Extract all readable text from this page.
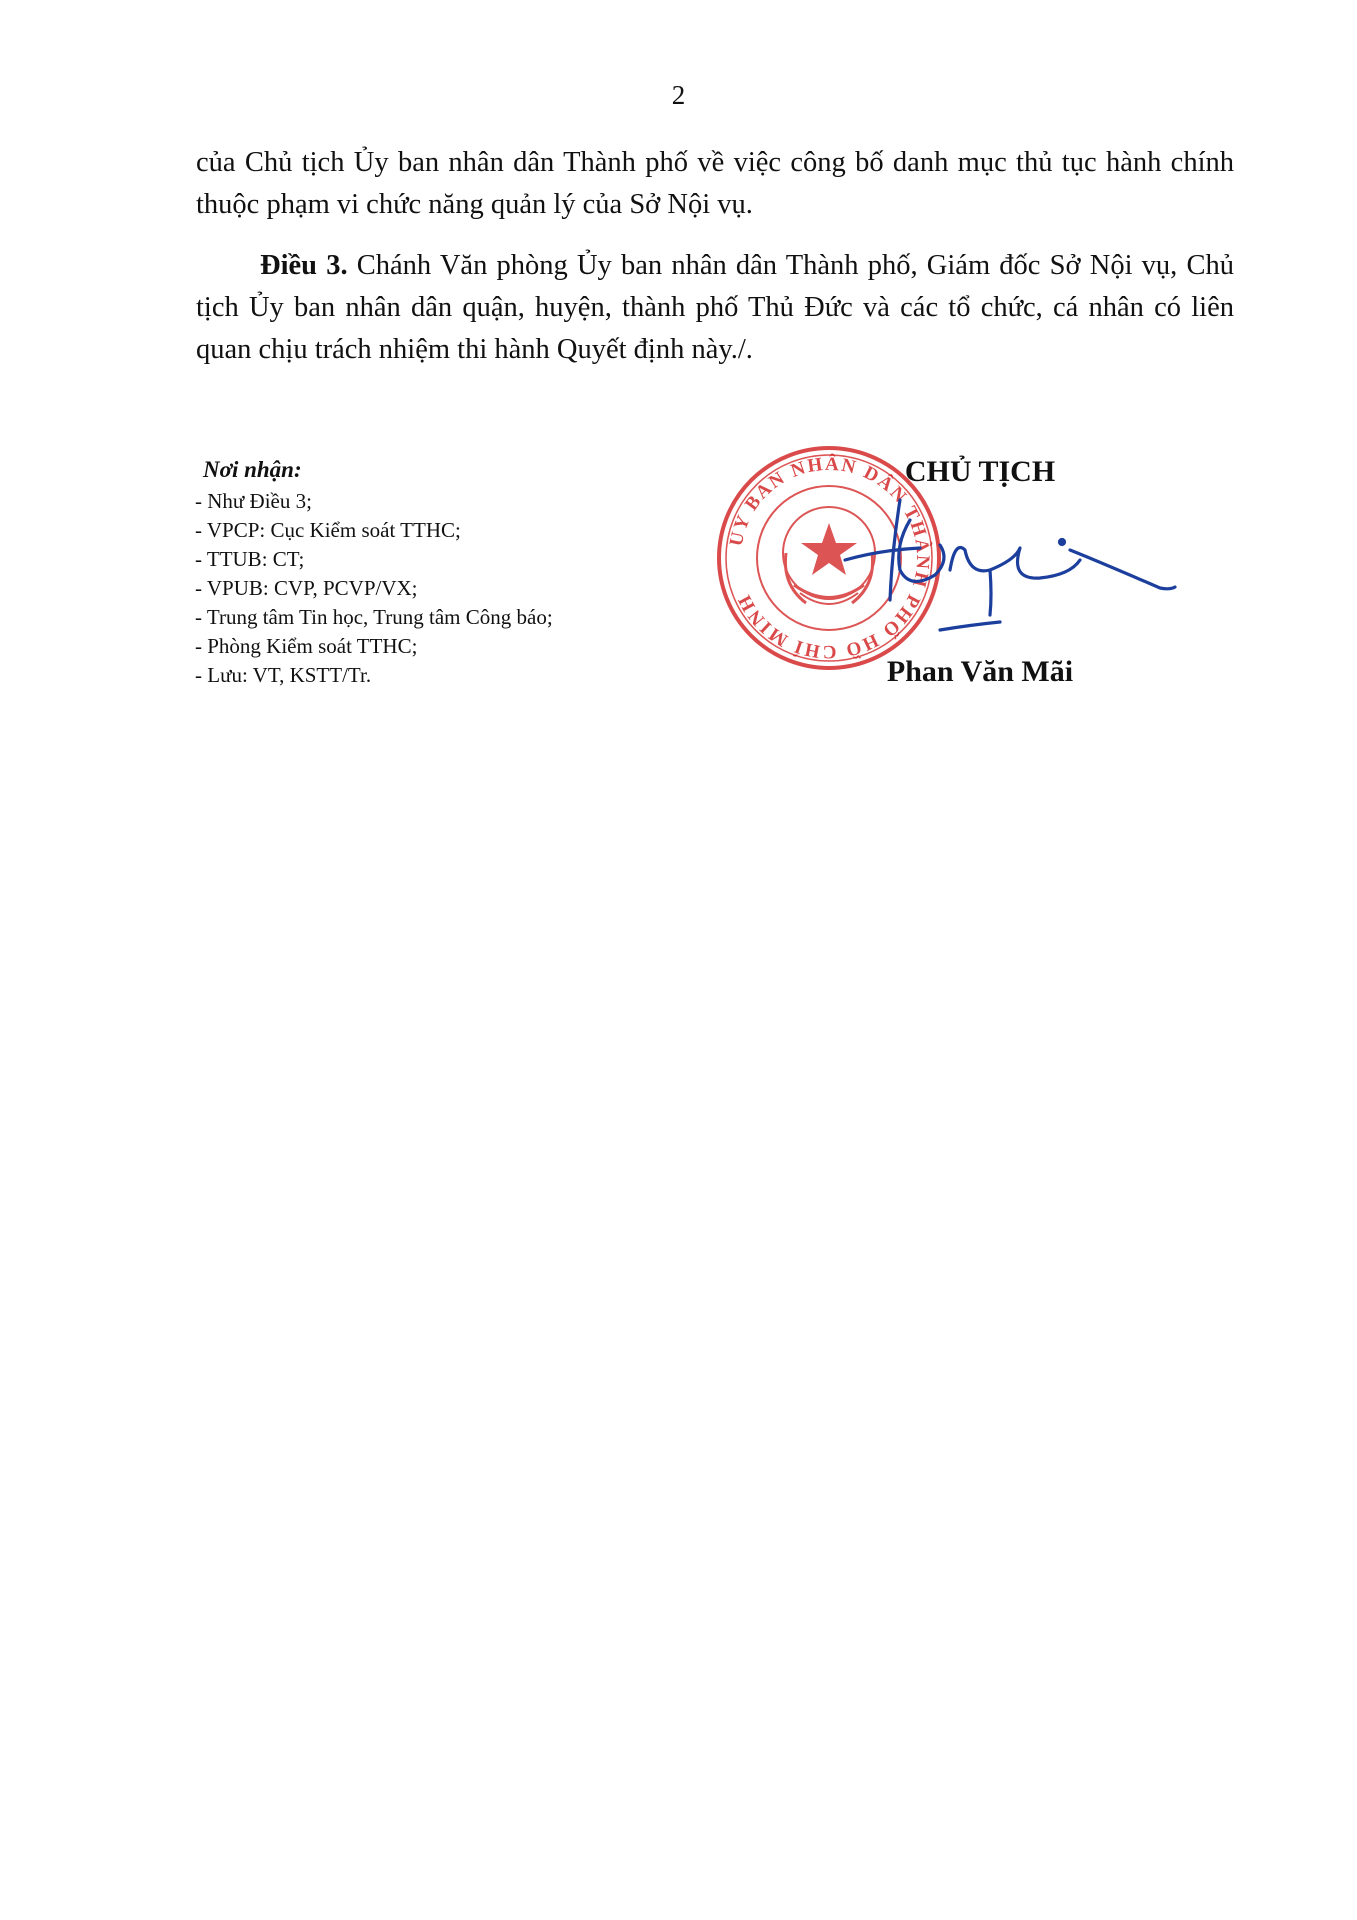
2
của Chủ tịch Ủy ban nhân dân Thành phố về việc công bố danh mục thủ tục hành chính thuộc phạm vi chức năng quản lý của Sở Nội vụ.
Điều 3. Chánh Văn phòng Ủy ban nhân dân Thành phố, Giám đốc Sở Nội vụ, Chủ tịch Ủy ban nhân dân quận, huyện, thành phố Thủ Đức và các tổ chức, cá nhân có liên quan chịu trách nhiệm thi hành Quyết định này./.
Nơi nhận:
- Như Điều 3;
- VPCP: Cục Kiểm soát TTHC;
- TTUB: CT;
- VPUB: CVP, PCVP/VX;
- Trung tâm Tin học, Trung tâm Công báo;
- Phòng Kiểm soát TTHC;
- Lưu: VT, KSTT/Tr.
UY BAN NHÂN DÂN THÀNH PHỐ HỒ CHÍ MINH
CHỦ TỊCH
Phan Văn Mãi
